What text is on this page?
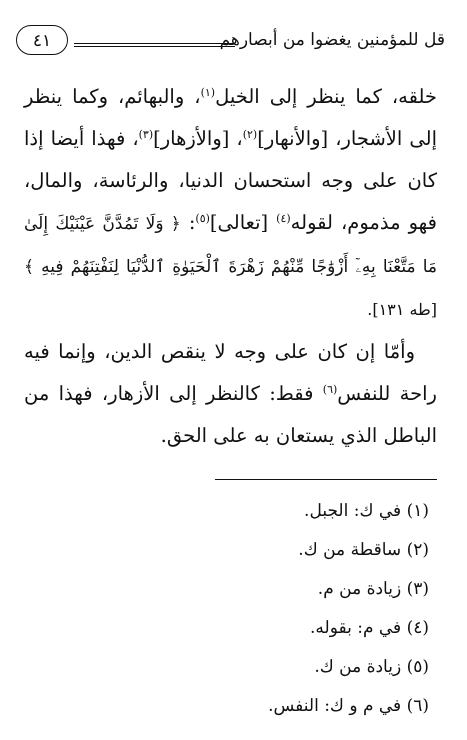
قل للمؤمنين يغضوا من أبصارهم
٤١

خلقه، كما ينظر إلى الخيل$^{(١)}$، والبهائم، وكما ينظر إلى الأشجار، [والأنهار]$^{(٢)}$، [والأزهار]$^{(٣)}$، فهذا أيضا إذا كان على وجه استحسان الدنيا، والرئاسة، والمال، فهو مذموم، لقوله$^{(٤)}$ [تعالى]$^{(٥)}$: ﴿ وَلَا تَمُدَّنَّ عَيْنَيْكَ إِلَىٰ مَا مَتَّعْنَا بِهِۦٓ أَزْوَٰجًا مِّنْهُمْ زَهْرَةَ ٱلْحَيَوٰةِ ٱلدُّنْيَا لِنَفْتِنَهُمْ فِيهِ ﴾ [طه ١٣١].

وأمّا إن كان على وجه لا ينقص الدين، وإنما فيه راحة للنفس$^{(٦)}$ فقط: كالنظر إلى الأزهار، فهذا من الباطل الذي يستعان به على الحق.

(١) في ك: الجبل.
(٢) ساقطة من ك.
(٣) زيادة من م.
(٤) في م: بقوله.
(٥) زيادة من ك.
(٦) في م و ك: النفس.
